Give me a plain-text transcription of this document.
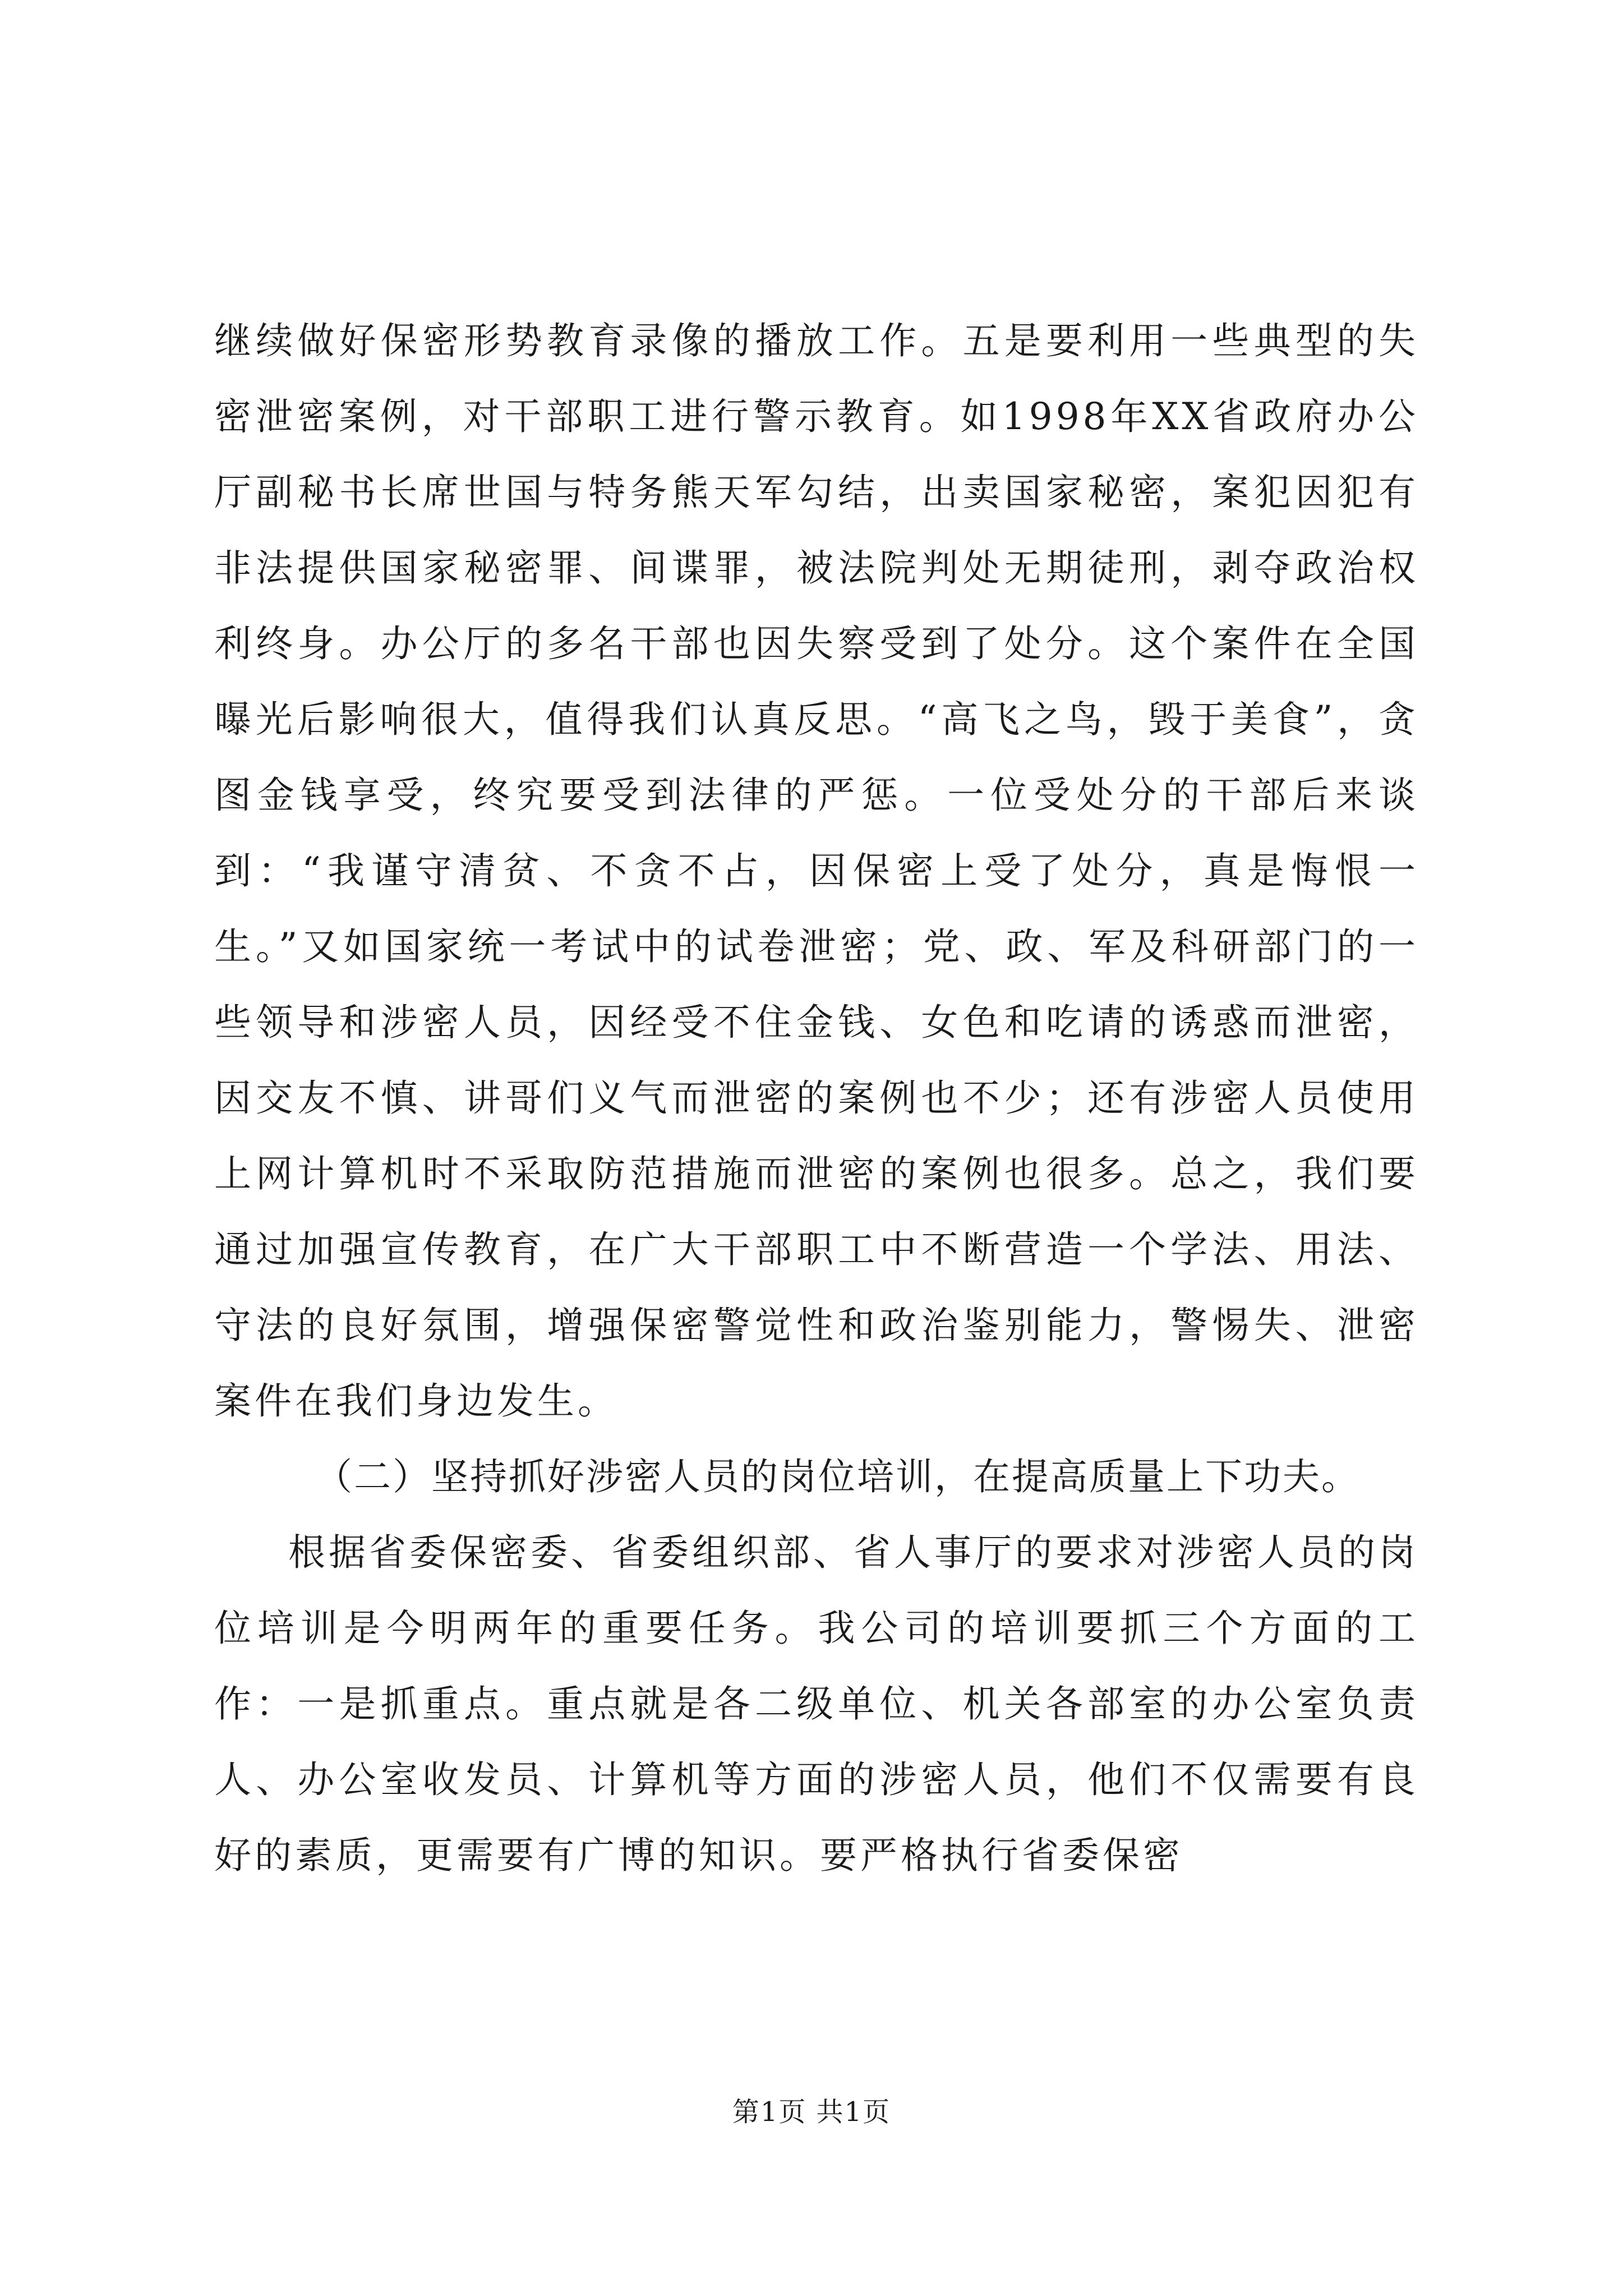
继续做好保密形势教育录像的播放工作。五是要利用一些典型的失密泄密案例，对干部职工进行警示教育。如1998年XX省政府办公厅副秘书长席世国与特务熊天军勾结，出卖国家秘密，案犯因犯有非法提供国家秘密罪、间谍罪，被法院判处无期徒刑，剥夺政治权利终身。办公厅的多名干部也因失察受到了处分。这个案件在全国曝光后影响很大，值得我们认真反思。“高飞之鸟，毁于美食”，贪图金钱享受，终究要受到法律的严惩。一位受处分的干部后来谈到：“我谨守清贫、不贪不占，因保密上受了处分，真是悔恨一生。”又如国家统一考试中的试卷泄密；党、政、军及科研部门的一些领导和涉密人员，因经受不住金钱、女色和吃请的诱惑而泄密，因交友不慎、讲哥们义气而泄密的案例也不少；还有涉密人员使用上网计算机时不采取防范措施而泄密的案例也很多。总之，我们要通过加强宣传教育，在广大干部职工中不断营造一个学法、用法、守法的良好氛围，增强保密警觉性和政治鉴别能力，警惕失、泄密案件在我们身边发生。

（二）坚持抓好涉密人员的岗位培训，在提高质量上下功夫。

根据省委保密委、省委组织部、省人事厅的要求对涉密人员的岗位培训是今明两年的重要任务。我公司的培训要抓三个方面的工作：一是抓重点。重点就是各二级单位、机关各部室的办公室负责人、办公室收发员、计算机等方面的涉密人员，他们不仅需要有良好的素质，更需要有广博的知识。要严格执行省委保密

第1页 共1页
